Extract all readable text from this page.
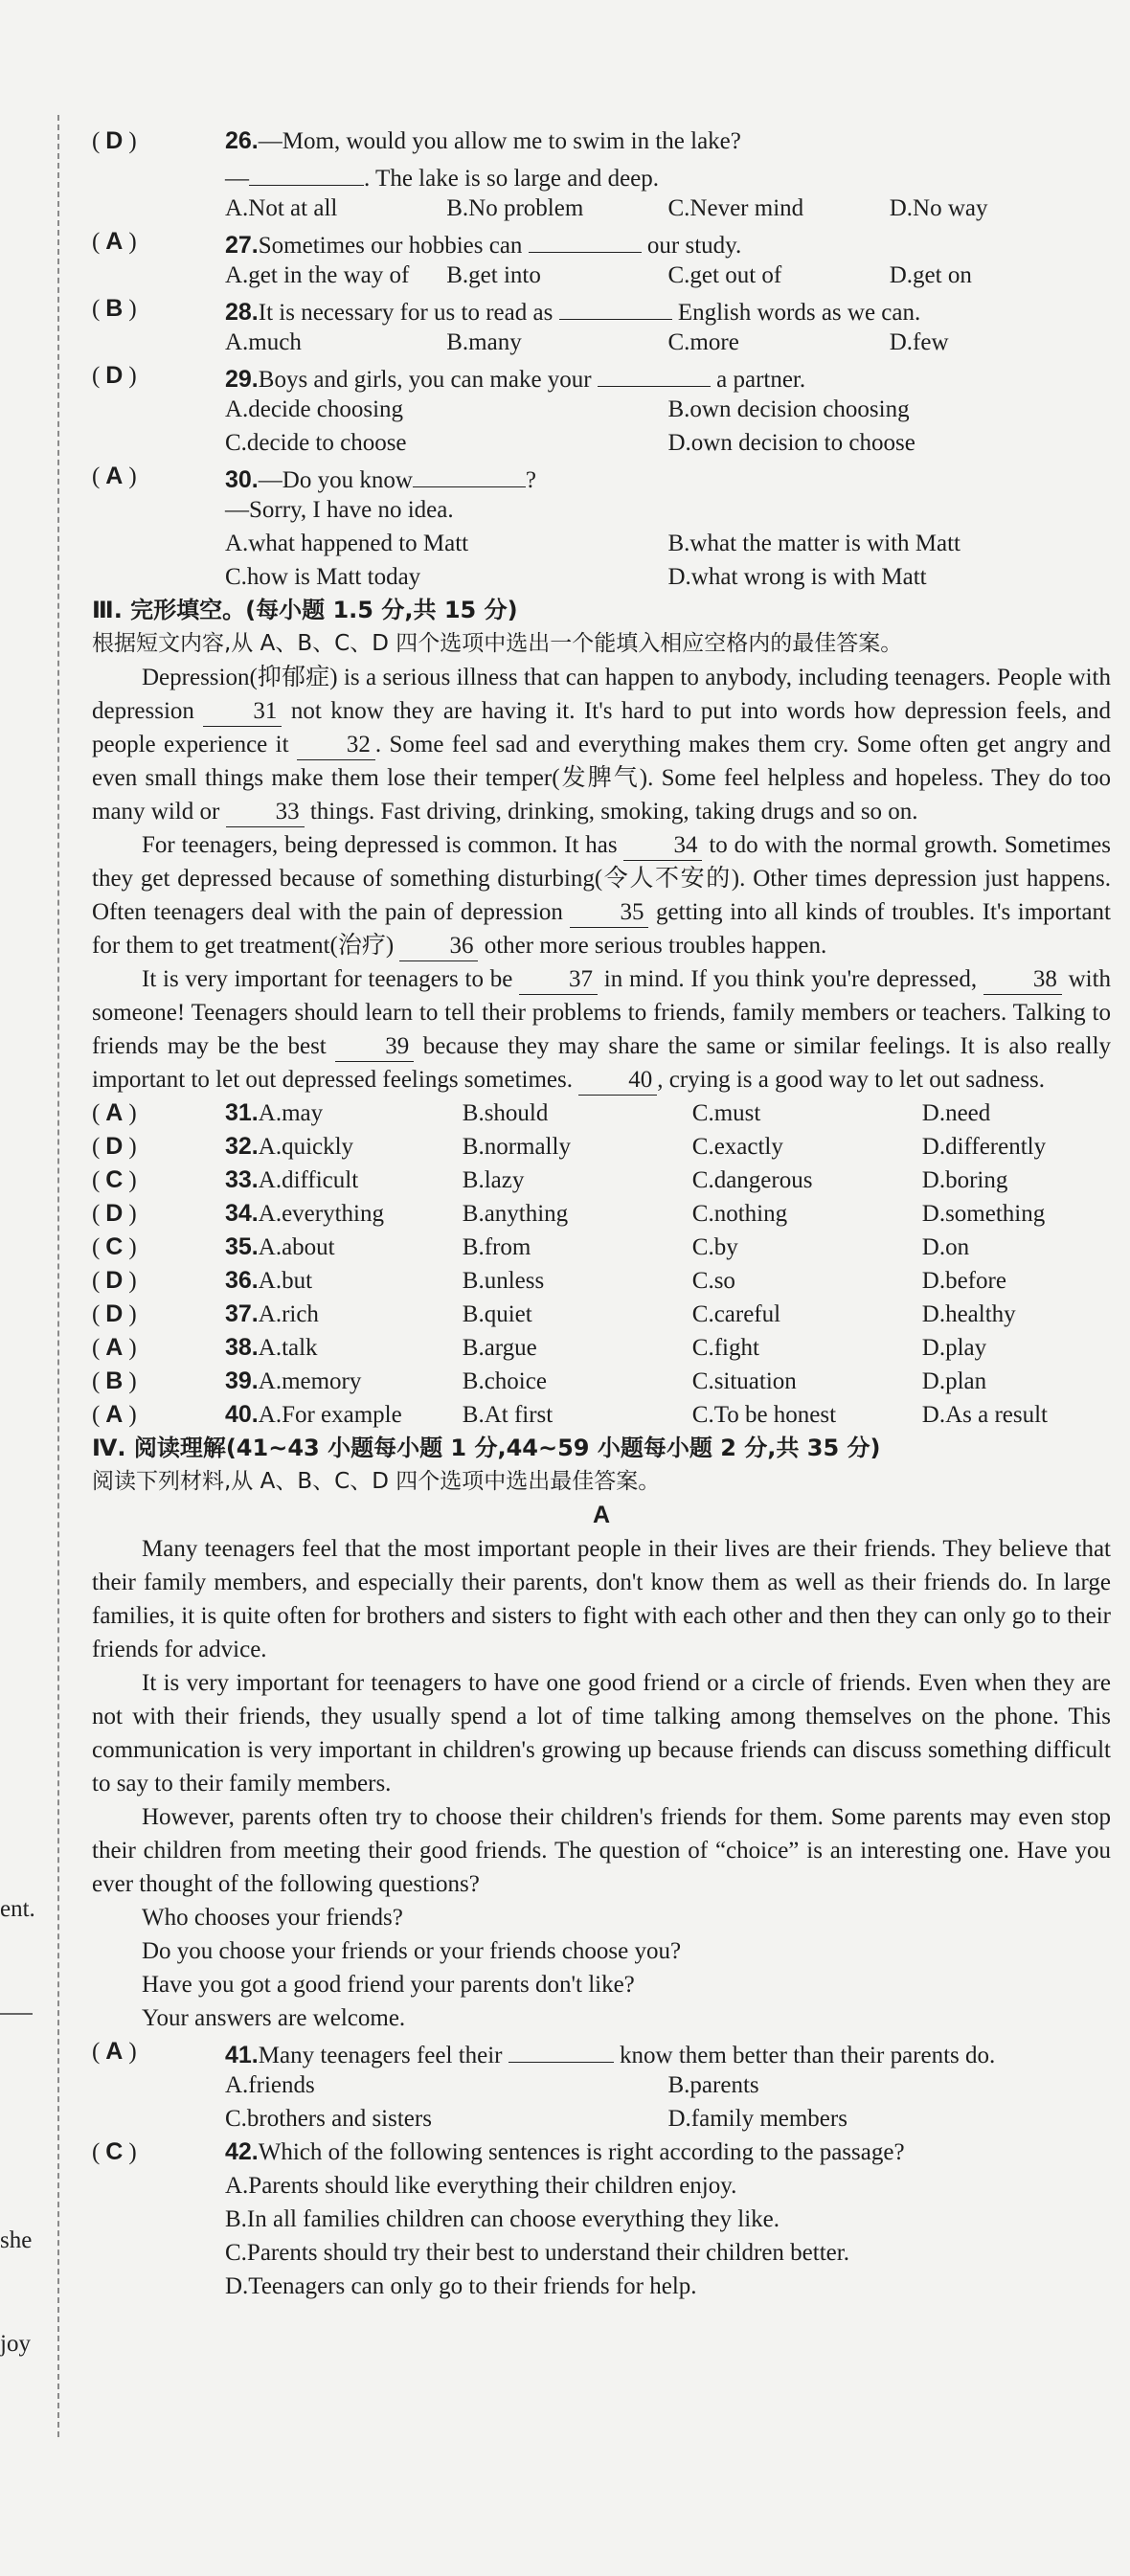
ent.
she
joy
( D )	26.—Mom, would you allow me to swim in the lake?
—	. The lake is so large and deep.
A.Not at all	B.No problem	C.Never mind	D.No way
( A )	27.Sometimes our hobbies can	our study.
A.get in the way of	B.get into	C.get out of	D.get on
( B )	28.It is necessary for us to read as	English words as we can.
A.much	B.many	C.more	D.few
( D )	29.Boys and girls, you can make your	a partner.
A.decide choosing	B.own decision choosing
C.decide to choose	D.own decision to choose
( A )	30.—Do you know	?
—Sorry, I have no idea.
A.what happened to Matt	B.what the matter is with Matt
C.how is Matt today	D.what wrong is with Matt
Ⅲ. 完形填空。(每小题 1.5 分,共 15 分)
根据短文内容,从 A、B、C、D 四个选项中选出一个能填入相应空格内的最佳答案。

Depression(抑郁症) is a serious illness that can happen to anybody, including teenagers. People with depression 31 not know they are having it. It's hard to put into words how depression feels, and people experience it 32 . Some feel sad and everything makes them cry. Some often get angry and even small things make them lose their temper(发脾气). Some feel helpless and hopeless. They do too many wild or 33 things. Fast driving, drinking, smoking, taking drugs and so on.

For teenagers, being depressed is common. It has 34 to do with the normal growth. Sometimes they get depressed because of something disturbing(令人不安的). Other times depression just happens. Often teenagers deal with the pain of depression 35 getting into all kinds of troubles. It's important for them to get treatment(治疗) 36 other more serious troubles happen.

It is very important for teenagers to be 37 in mind. If you think you're depressed, 38 with someone! Teenagers should learn to tell their problems to friends, family members or teachers. Talking to friends may be the best 39 because they may share the same or similar feelings. It is also really important to let out depressed feelings sometimes. 40 , crying is a good way to let out sadness.

( A )	31. A.may	B.should	C.must	D.need
( D )	32. A.quickly	B.normally	C.exactly	D.differently
( C )	33. A.difficult	B.lazy	C.dangerous	D.boring
( D )	34. A.everything	B.anything	C.nothing	D.something
( C )	35. A.about	B.from	C.by	D.on
( D )	36. A.but	B.unless	C.so	D.before
( D )	37. A.rich	B.quiet	C.careful	D.healthy
( A )	38. A.talk	B.argue	C.fight	D.play
( B )	39. A.memory	B.choice	C.situation	D.plan
( A )	40. A.For example	B.At first	C.To be honest	D.As a result
Ⅳ. 阅读理解(41~43 小题每小题 1 分,44~59 小题每小题 2 分,共 35 分)
阅读下列材料,从 A、B、C、D 四个选项中选出最佳答案。
A

Many teenagers feel that the most important people in their lives are their friends. They believe that their family members, and especially their parents, don't know them as well as their friends do. In large families, it is quite often for brothers and sisters to fight with each other and then they can only go to their friends for advice.

It is very important for teenagers to have one good friend or a circle of friends. Even when they are not with their friends, they usually spend a lot of time talking among themselves on the phone. This communication is very important in children's growing up because friends can discuss something difficult to say to their family members.

However, parents often try to choose their children's friends for them. Some parents may even stop their children from meeting their good friends. The question of “choice” is an interesting one. Have you ever thought of the following questions?

Who chooses your friends?
Do you choose your friends or your friends choose you?
Have you got a good friend your parents don't like?
Your answers are welcome.
( A )	41.Many teenagers feel their	know them better than their parents do.
A.friends	B.parents
C.brothers and sisters	D.family members
( C )	42.Which of the following sentences is right according to the passage?
A.Parents should like everything their children enjoy.
B.In all families children can choose everything they like.
C.Parents should try their best to understand their children better.
D.Teenagers can only go to their friends for help.
